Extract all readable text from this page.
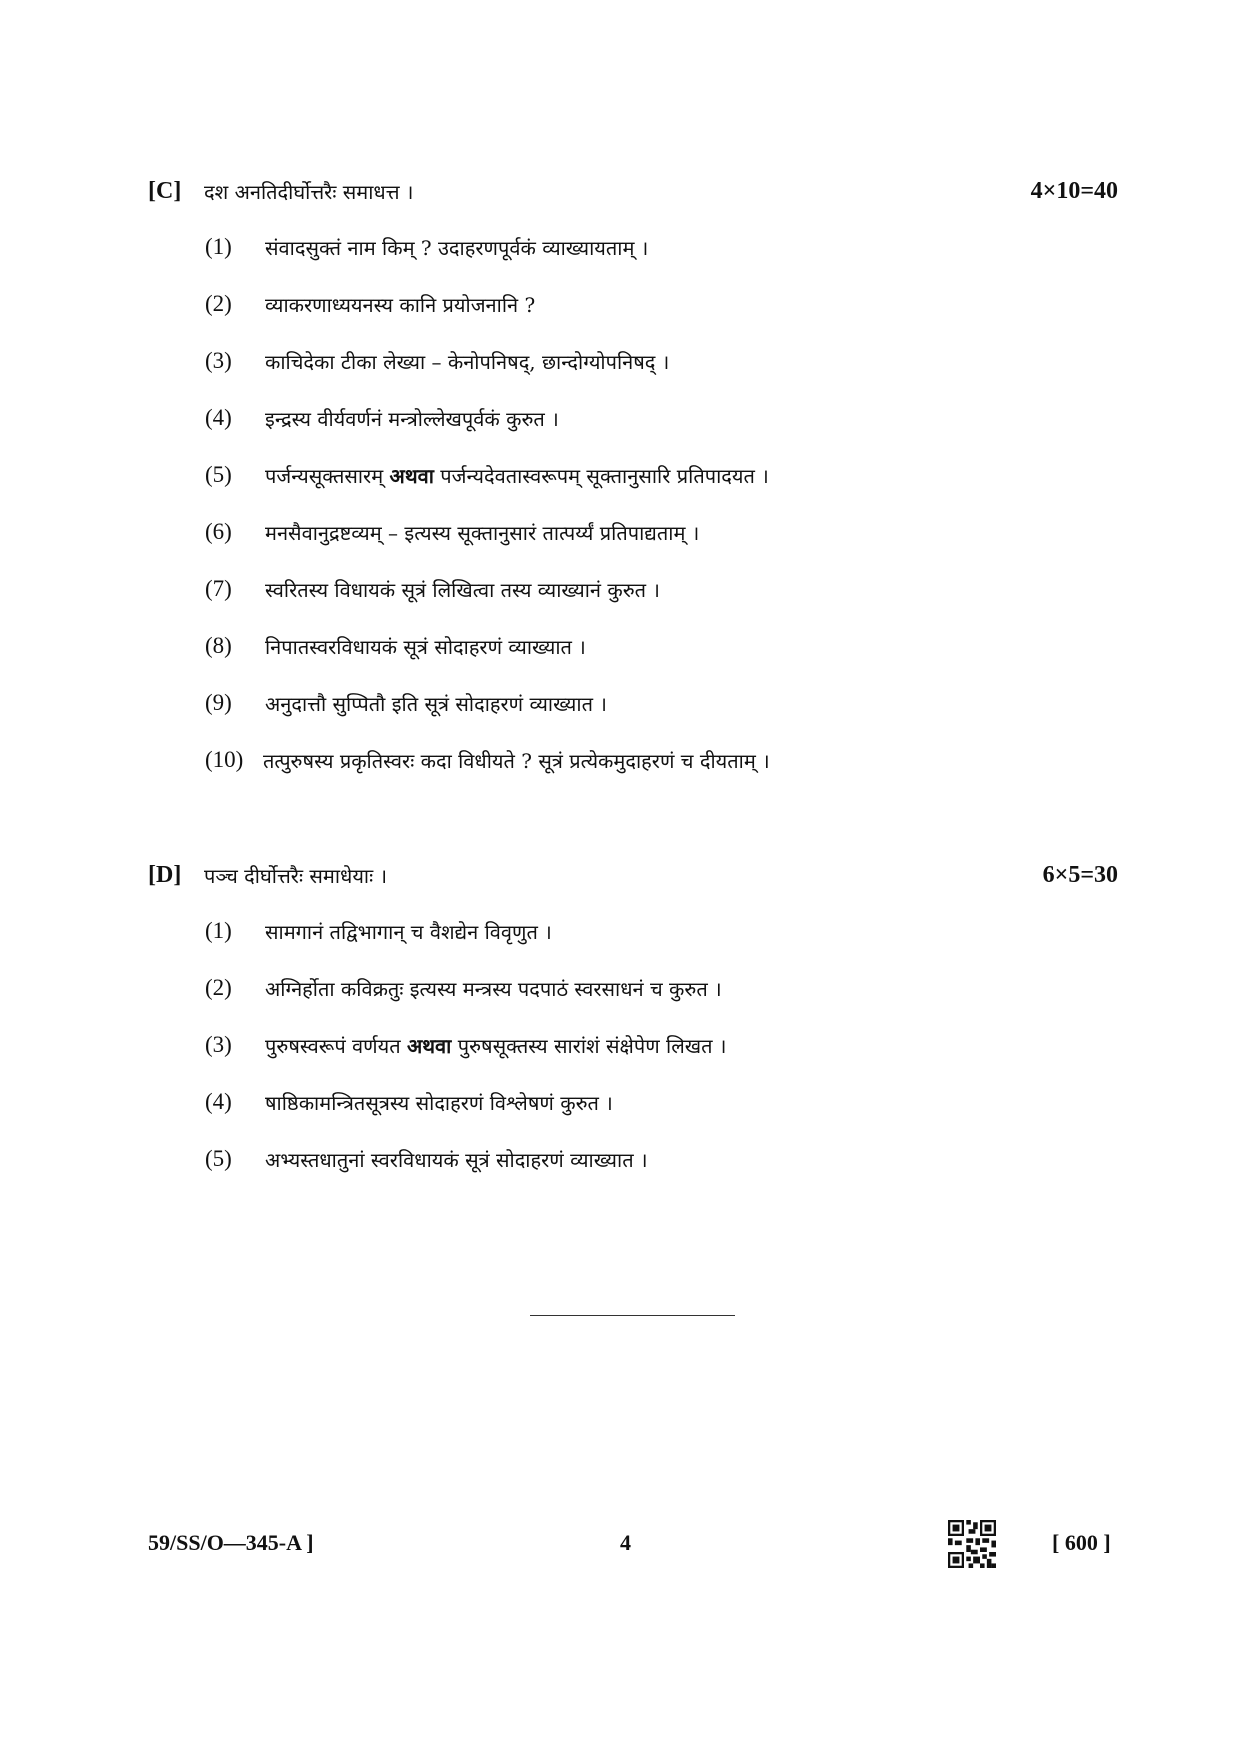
[C] दश अनतिदीर्घोत्तरैः समाधत्त ।	4×10=40
(1) संवादसुक्तं नाम किम् ? उदाहरणपूर्वकं व्याख्यायताम् ।
(2) व्याकरणाध्ययनस्य कानि प्रयोजनानि ?
(3) काचिदेका टीका लेख्या – केनोपनिषद्, छान्दोग्योपनिषद् ।
(4) इन्द्रस्य वीर्यवर्णनं मन्त्रोल्लेखपूर्वकं कुरुत ।
(5) पर्जन्यसूक्तसारम् अथवा पर्जन्यदेवतास्वरूपम् सूक्तानुसारि प्रतिपादयत ।
(6) मनसैवानुद्रष्टव्यम् – इत्यस्य सूक्तानुसारं तात्पर्य्यं प्रतिपाद्यताम् ।
(7) स्वरितस्य विधायकं सूत्रं लिखित्वा तस्य व्याख्यानं कुरुत ।
(8) निपातस्वरविधायकं सूत्रं सोदाहरणं व्याख्यात ।
(9) अनुदात्तौ सुप्पितौ इति सूत्रं सोदाहरणं व्याख्यात ।
(10) तत्पुरुषस्य प्रकृतिस्वरः कदा विधीयते ? सूत्रं प्रत्येकमुदाहरणं च दीयताम् ।
[D] पञ्च दीर्घोत्तरैः समाधेयाः ।	6×5=30
(1) सामगानं तद्विभागान् च वैशद्येन विवृणुत ।
(2) अग्निर्होता कविक्रतुः इत्यस्य मन्त्रस्य पदपाठं स्वरसाधनं च कुरुत ।
(3) पुरुषस्वरूपं वर्णयत अथवा पुरुषसूक्तस्य सारांशं संक्षेपेण लिखत ।
(4) षाष्ठिकामन्त्रितसूत्रस्य सोदाहरणं विश्लेषणं कुरुत ।
(5) अभ्यस्तधातुनां स्वरविधायकं सूत्रं सोदाहरणं व्याख्यात ।
59/SS/O—345-A ]	4	[ 600 ]
